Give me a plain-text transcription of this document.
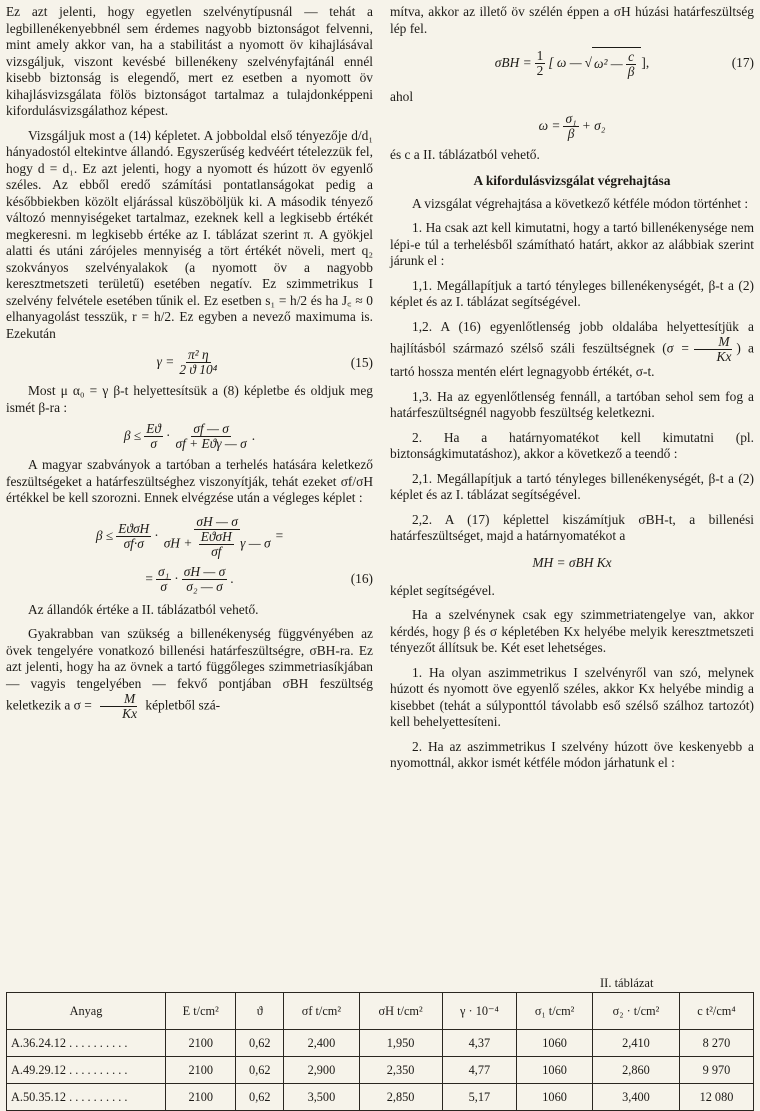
Ez azt jelenti, hogy egyetlen szelvénytípusnál — tehát a legbillenékenyebbnél sem érdemes nagyobb biztonságot felvenni, mint amely akkor van, ha a stabilitást a nyomott öv kihajlásával vizsgáljuk, viszont kevésbé billenékeny szelvényfajtánál ennél kisebb biztonság is elegendő, mert ez esetben a nyomott öv kihajlásvizsgálata fölös biztonságot tartalmaz a tulajdonképpeni kifordulásvizsgálathoz képest.

Vizsgáljuk most a (14) képletet. A jobboldal első tényezője d/d₁ hányadostól eltekintve állandó. Egyszerűség kedvéért tételezzük fel, hogy d = d₁. Ez azt jelenti, hogy a nyomott és húzott öv egyenlő széles. Az ebből eredő számítási pontatlanságokat pedig a későbbiekben közölt eljárással küszöböljük ki. A második tényező változó mennyiségeket tartalmaz, ezeknek kell a legkisebb értékét megkeresni. m legkisebb értéke az I. táblázat szerint π. A gyökjel alatti és utáni zárójeles mennyiség a tört értékét növeli, mert q₂ szokványos szelvényalakok (a nyomott öv a nagyobb keresztmetszeti területű) esetében negatív. Ez szimmetrikus I szelvény felvétele esetében tűnik el. Ez esetben s₁ = h/2 és ha J꜀ ≈ 0 elhanyagolást tesszük, r = h/2. Ez egyben a nevező maximuma is. Ezekután

$\gamma = \frac{\text{π² η}}{\text{2 ϑ 10⁴}}$	(15)

Most μ α₀ = γ β-t helyettesítsük a (8) képletbe és oldjuk meg ismét β-ra :

$\beta \le \frac{Eϑ}{\sigma} \cdot \frac{\sigma f — \sigma}{\text{σf + Eϑγ — σ}}$ .

A magyar szabványok a tartóban a terhelés hatására keletkező feszültségeket a határfeszültséghez viszonyítják, tehát ezeket σf/σH értékkel be kell szorozni. Ennek elvégzése után a végleges képlet :

$\beta \le \frac{\text{EϑσH}}{\sigma f\cdot\sigma}$ ·
σH — σ
$\sigma H + \frac{\text{EϑσH}}{\sigma f}$ γ — σ =
= $\frac{\text{σ₁}}{\sigma} \cdot \frac{\sigma H — \sigma}{\text{σ₂ — σ}}$ .	(16)

Az állandók értéke a II. táblázatból vehető.

Gyakrabban van szükség a billenékenység függvényében az övek tengelyére vonatkozó billenési határfeszültségre, σBH-ra. Ez azt jelenti, hogy ha az övnek a tartó függőleges szimmetriasíkjában — vagyis tengelyében — fekvő pontjában σBH feszültség keletkezik a $\sigma = \frac{M}{Kx}$ képletből szá-

mítva, akkor az illető öv szélén éppen a σH húzási határfeszültség lép fel.

$\sigma BH = \frac{1}{2}$ [ ω — √ ω² — $\frac{c}{\beta}$ ],	(17)

ahol

$\omega = \frac{\text{σ₁}}{\beta} + \sigma_2$

és c a II. táblázatból vehető.

A kifordulásvizsgálat végrehajtása

A vizsgálat végrehajtása a következő kétféle módon történhet :

1. Ha csak azt kell kimutatni, hogy a tartó billenékenysége nem lépi-e túl a terhelésből számítható határt, akkor az alábbiak szerint járunk el :

1,1. Megállapítjuk a tartó tényleges billenékenységét, β-t a (2) képlet és az I. táblázat segítségével.

1,2. A (16) egyenlőtlenség jobb oldalába helyettesítjük a hajlításból származó szélső száli feszültségnek ($\sigma = \frac{M}{Kx}$ ) a tartó hossza mentén elért legnagyobb értékét, σ-t.

1,3. Ha az egyenlőtlenség fennáll, a tartóban sehol sem fog a határfeszültségnél nagyobb feszültség keletkezni.

2. Ha a határnyomatékot kell kimutatni (pl. biztonságkimutatáshoz), akkor a következő a teendő :

2,1. Megállapítjuk a tartó tényleges billenékenységét, β-t a (2) képlet és az I. táblázat segítségével.

2,2. A (17) képlettel kiszámítjuk σBH-t, a billenési határfeszültséget, majd a határnyomatékot a

MH = σBH Kx

képlet segítségével.

Ha a szelvénynek csak egy szimmetriatengelye van, akkor kérdés, hogy β és σ képletében Kx helyébe melyik keresztmetszeti tényezőt állítsuk be. Két eset lehetséges.

1. Ha olyan aszimmetrikus I szelvényről van szó, melynek húzott és nyomott öve egyenlő széles, akkor Kx helyébe mindig a kisebbet (tehát a súlyponttól távolabb eső szélső szálhoz tartozót) kell behelyettesíteni.

2. Ha az aszimmetrikus I szelvény húzott öve keskenyebb a nyomottnál, akkor ismét kétféle módon járhatunk el :

II. táblázat
Anyag	E t/cm²	ϑ	σf t/cm²	σH t/cm²	γ · 10⁻⁴	σ₁ t/cm²	σ₂ · t/cm²	c t²/cm⁴
A.36.24.12 . . . . . . . . . .	2100	0,62	2,400	1,950	4,37	1060	2,410	8 270
A.49.29.12 . . . . . . . . . .	2100	0,62	2,900	2,350	4,77	1060	2,860	9 970
A.50.35.12 . . . . . . . . . .	2100	0,62	3,500	2,850	5,17	1060	3,400	12 080
